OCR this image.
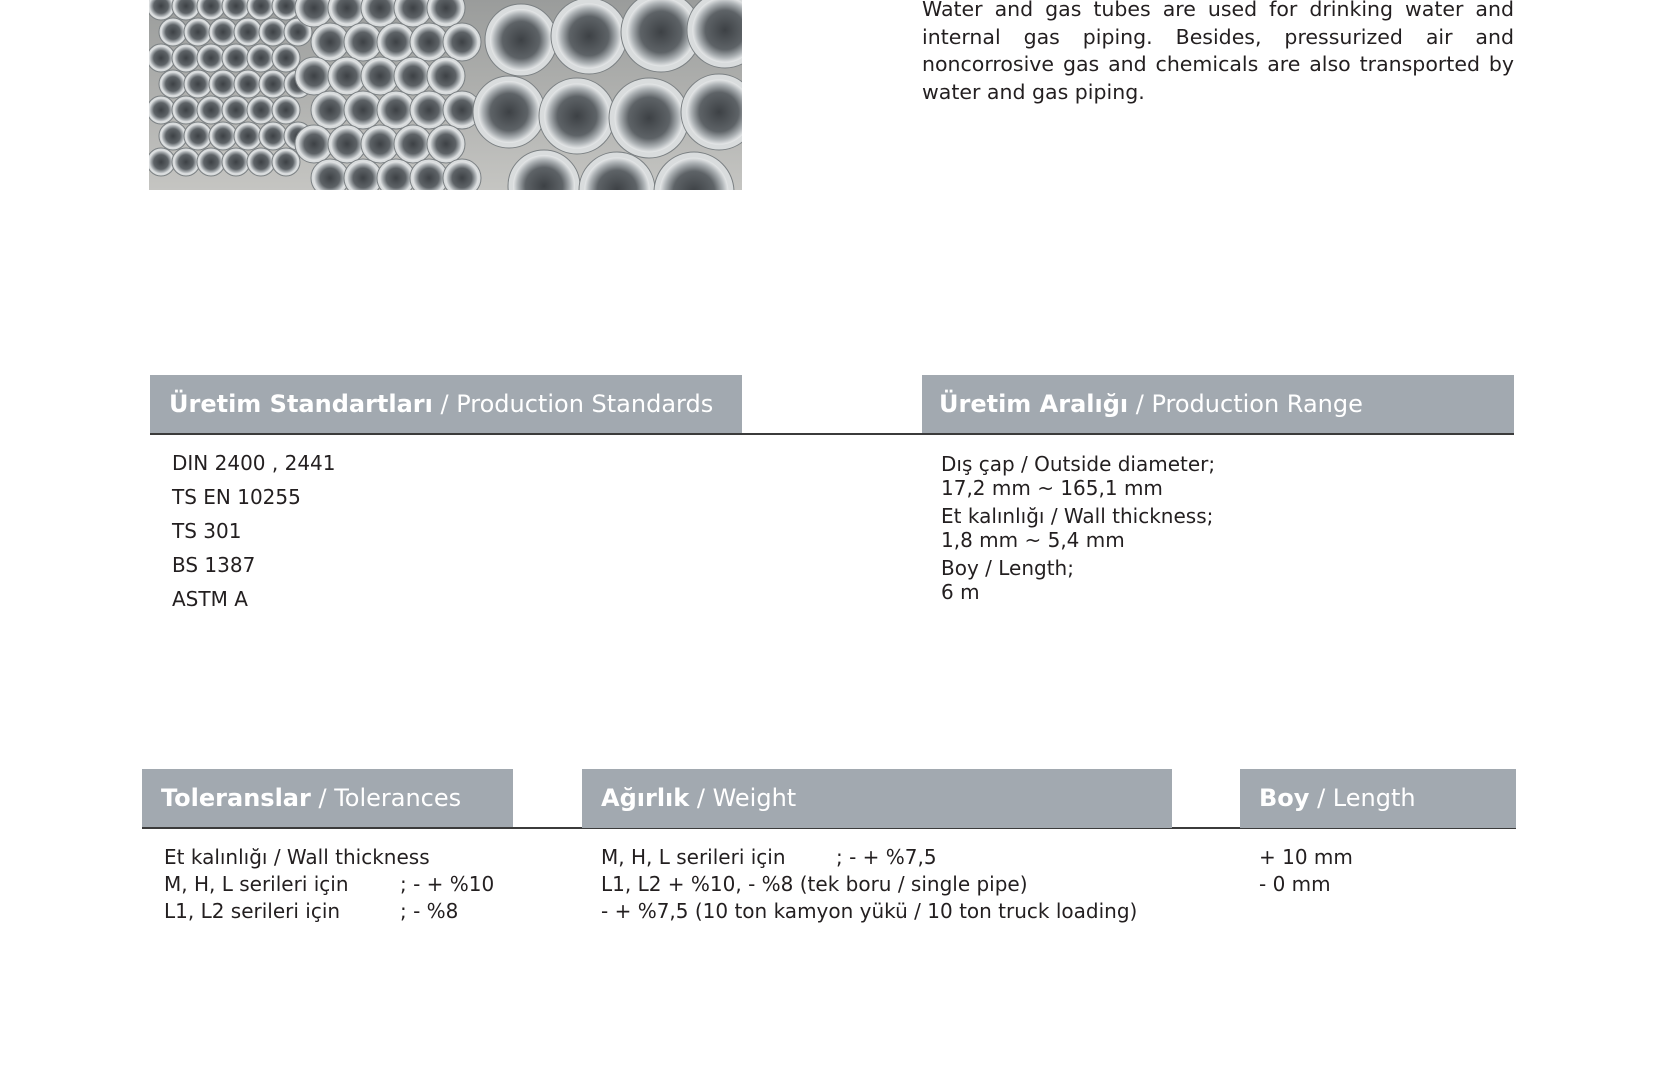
Water and gas tubes are used for drinking water and internal gas piping. Besides, pressurized air and noncorrosive gas and chemicals are also transported by water and gas piping.

Üretim Standartları / Production Standards
DIN 2400 , 2441
TS EN 10255
TS 301
BS 1387
ASTM A
Üretim Aralığı / Production Range
Dış çap / Outside diameter;
17,2 mm ~ 165,1 mm
Et kalınlığı / Wall thickness;
1,8 mm ~ 5,4 mm
Boy / Length;
6 m
Toleranslar / Tolerances
Et kalınlığı / Wall thickness
M, H, L serileri için	; - + %10
L1, L2 serileri için	; - %8
Ağırlık / Weight
M, H, L serileri için	; - + %7,5
L1, L2 + %10, - %8 (tek boru / single pipe)
- + %7,5 (10 ton kamyon yükü / 10 ton truck loading)
Boy / Length
+ 10 mm
- 0 mm
